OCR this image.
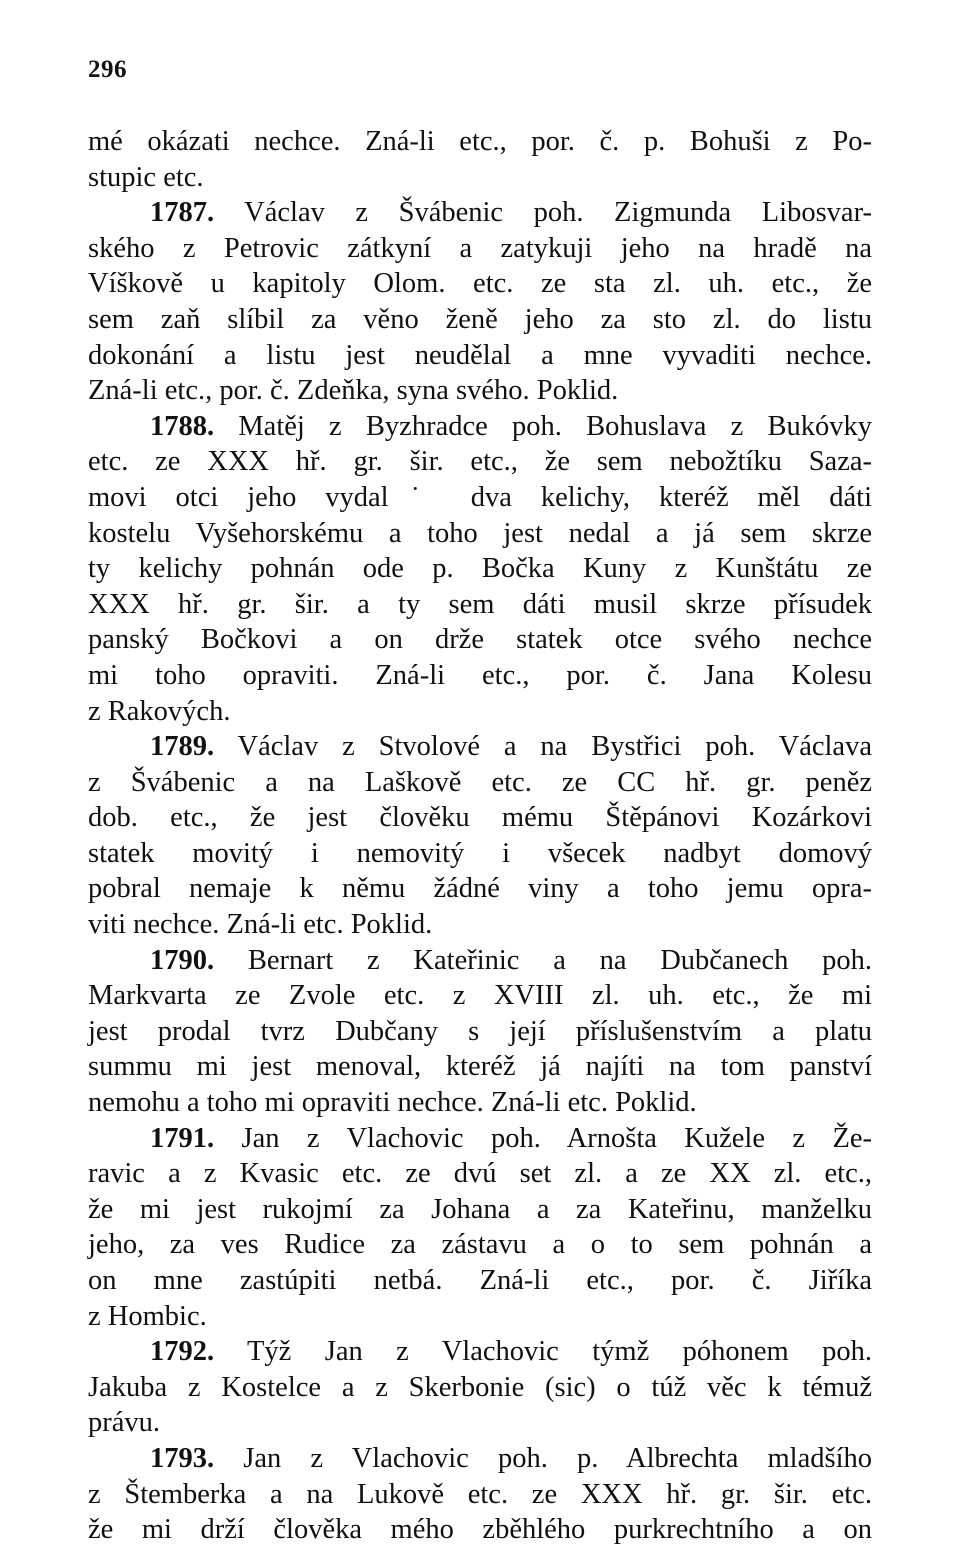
296
mé okázati nechce. Zná-li etc., por. č. p. Bohuši z Po-
stupic etc.
1787. Václav z Švábenic poh. Zigmunda Libosvar-
ského z Petrovic zátkyní a zatykuji jeho na hradě na
Víškově u kapitoly Olom. etc. ze sta zl. uh. etc., že
sem zaň slíbil za věno ženě jeho za sto zl. do listu
dokonání a listu jest neudělal a mne vyvaditi nechce.
Zná-li etc., por. č. Zdeňka, syna svého. Poklid.
1788. Matěj z Byzhradce poh. Bohuslava z Bukóvky
etc. ze XXX hř. gr. šir. etc., že sem nebožtíku Saza-
movi otci jeho vydal˙ dva kelichy, kteréž měl dáti
kostelu Vyšehorskému a toho jest nedal a já sem skrze
ty kelichy pohnán ode p. Bočka Kuny z Kunštátu ze
XXX hř. gr. šir. a ty sem dáti musil skrze přísudek
panský Bočkovi a on drže statek otce svého nechce
mi toho opraviti. Zná-li etc., por. č. Jana Kolesu
z Rakových.
1789. Václav z Stvolové a na Bystřici poh. Václava
z Švábenic a na Laškově etc. ze CC hř. gr. peněz
dob. etc., že jest člověku mému Štěpánovi Kozárkovi
statek movitý i nemovitý i všecek nadbyt domový
pobral nemaje k němu žádné viny a toho jemu opra-
viti nechce. Zná-li etc. Poklid.
1790. Bernart z Kateřinic a na Dubčanech poh.
Markvarta ze Zvole etc. z XVIII zl. uh. etc., že mi
jest prodal tvrz Dubčany s její příslušenstvím a platu
summu mi jest menoval, kteréž já najíti na tom panství
nemohu a toho mi opraviti nechce. Zná-li etc. Poklid.
1791. Jan z Vlachovic poh. Arnošta Kužele z Že-
ravic a z Kvasic etc. ze dvú set zl. a ze XX zl. etc.,
že mi jest rukojmí za Johana a za Kateřinu, manželku
jeho, za ves Rudice za zástavu a o to sem pohnán a
on mne zastúpiti netbá. Zná-li etc., por. č. Jiříka
z Hombic.
1792. Týž Jan z Vlachovic týmž póhonem poh.
Jakuba z Kostelce a z Skerbonie (sic) o túž věc k témuž
právu.
1793. Jan z Vlachovic poh. p. Albrechta mladšího
z Štemberka a na Lukově etc. ze XXX hř. gr. šir. etc.
že mi drží člověka mého zběhlého purkrechtního a on
